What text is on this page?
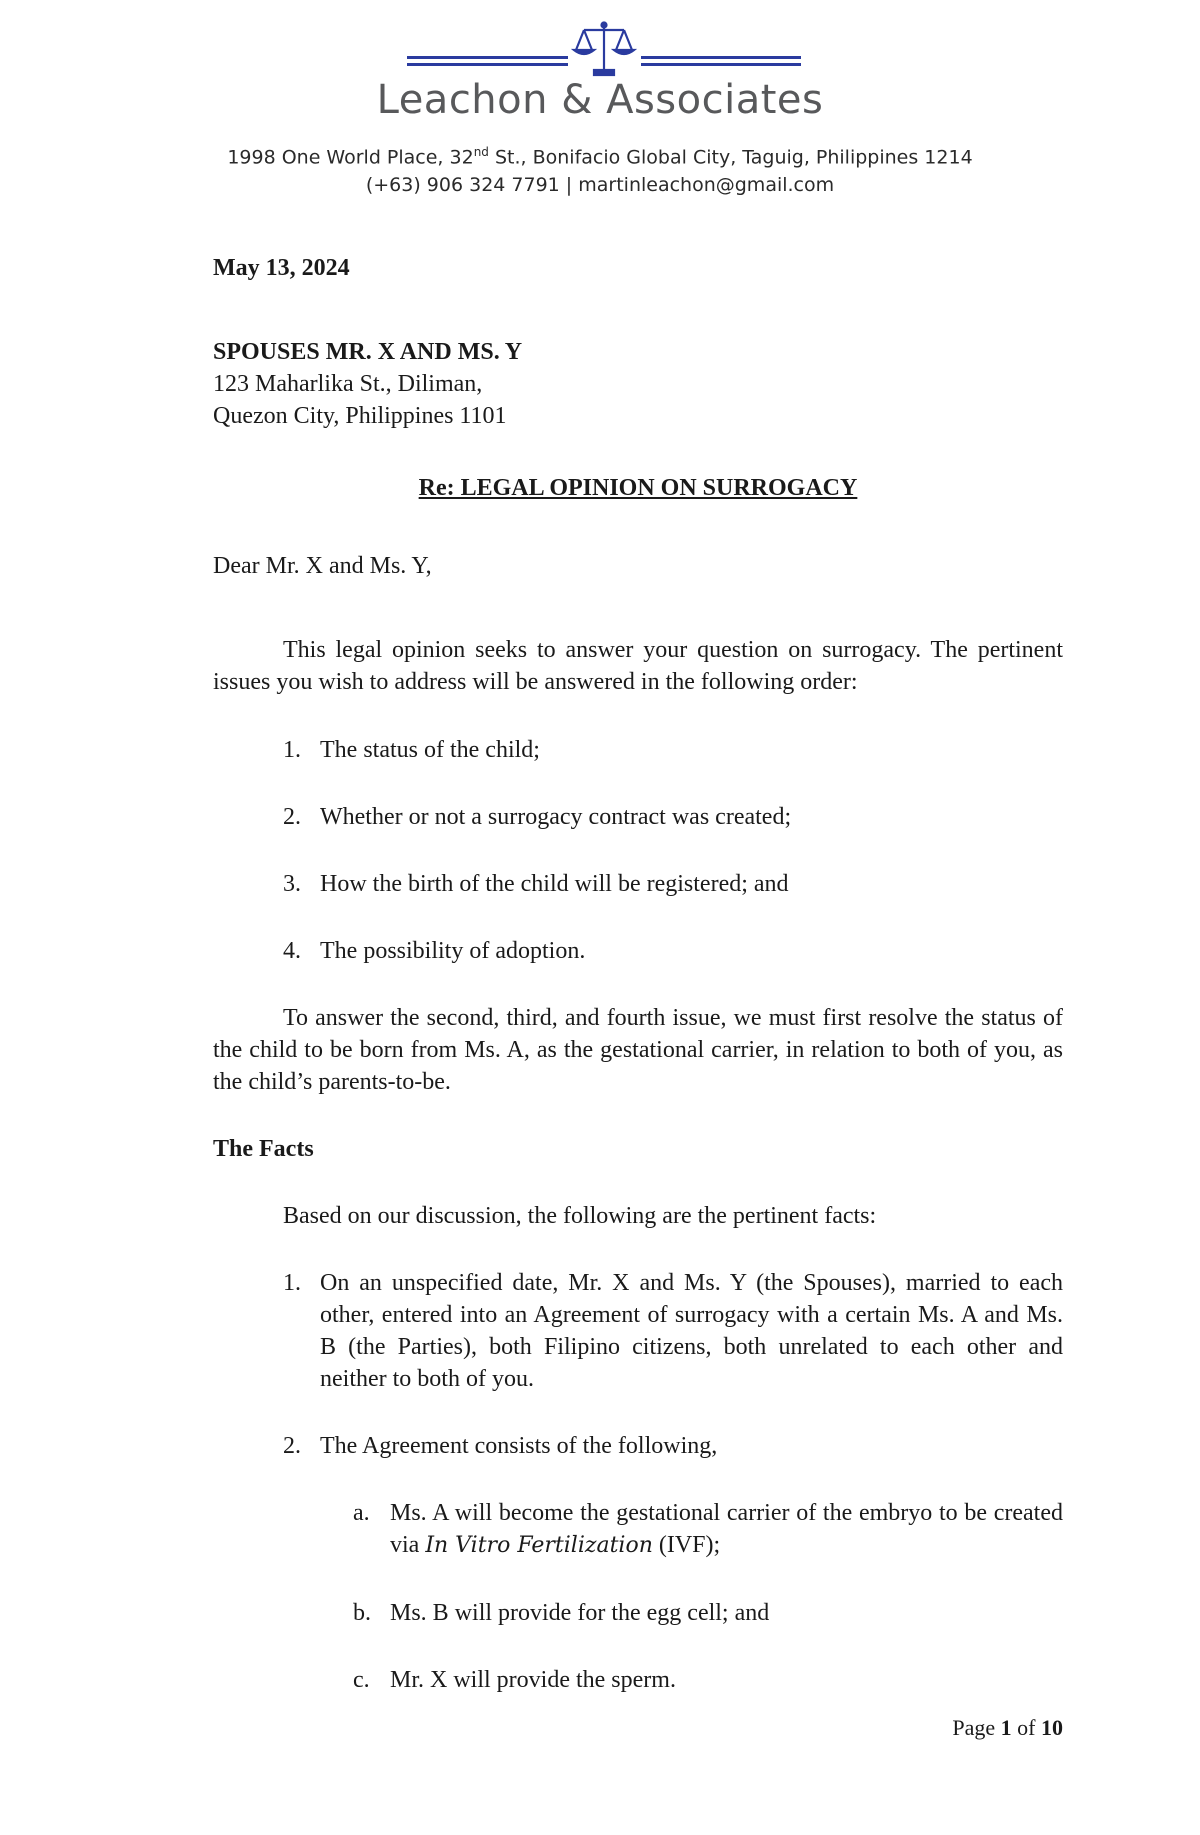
Leachon & Associates
1998 One World Place, 32nd St., Bonifacio Global City, Taguig, Philippines 1214
(+63) 906 324 7791 | martinleachon@gmail.com

May 13, 2024

SPOUSES MR. X AND MS. Y

123 Maharlika St., Diliman,

Quezon City, Philippines 1101

Re: LEGAL OPINION ON SURROGACY

Dear Mr. X and Ms. Y,

This legal opinion seeks to answer your question on surrogacy. The pertinent issues you wish to address will be answered in the following order:

1. The status of the child;
2. Whether or not a surrogacy contract was created;
3. How the birth of the child will be registered; and
4. The possibility of adoption.

To answer the second, third, and fourth issue, we must first resolve the status of the child to be born from Ms. A, as the gestational carrier, in relation to both of you, as the child’s parents-to-be.

The Facts

Based on our discussion, the following are the pertinent facts:

1. On an unspecified date, Mr. X and Ms. Y (the Spouses), married to each other, entered into an Agreement of surrogacy with a certain Ms. A and Ms. B (the Parties), both Filipino citizens, both unrelated to each other and neither to both of you.
2. The Agreement consists of the following,
a. Ms. A will become the gestational carrier of the embryo to be created via In Vitro Fertilization (IVF);
b. Ms. B will provide for the egg cell; and
c. Mr. X will provide the sperm.
Page 1 of 10
